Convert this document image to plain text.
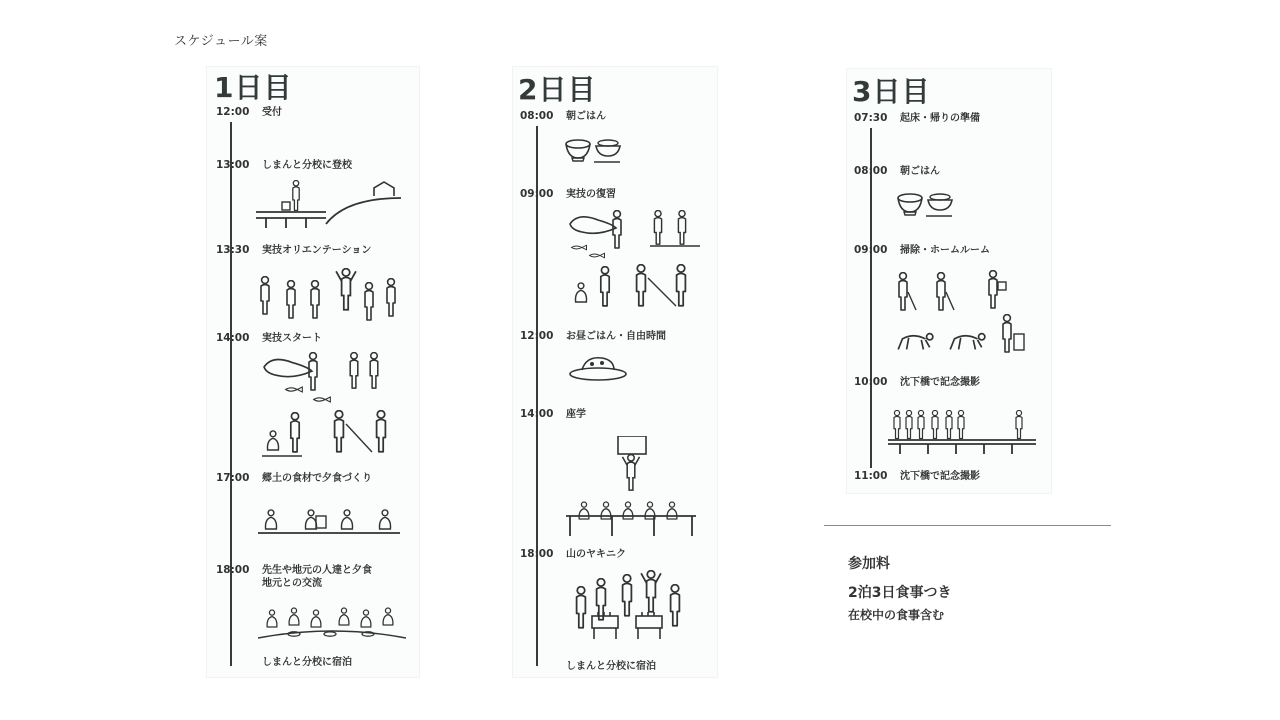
スケジュール案
1日目
12:00 受付
13:00 しまんと分校に登校
13:30 実技オリエンテーション
14:00 実技スタート
17:00 郷土の食材で夕食づくり
18:00 先生や地元の人達と夕食
地元との交流
しまんと分校に宿泊
2日目
08:00 朝ごはん
09:00 実技の復習
12:00 お昼ごはん・自由時間
14:00 座学
18:00 山のヤキニク
しまんと分校に宿泊
3日目
07:30 起床・帰りの準備
08:00 朝ごはん
09:00 掃除・ホームルーム
10:00 沈下橋で記念撮影
11:00 沈下橋で記念撮影
参加料
2泊3日食事つき
在校中の食事含む
